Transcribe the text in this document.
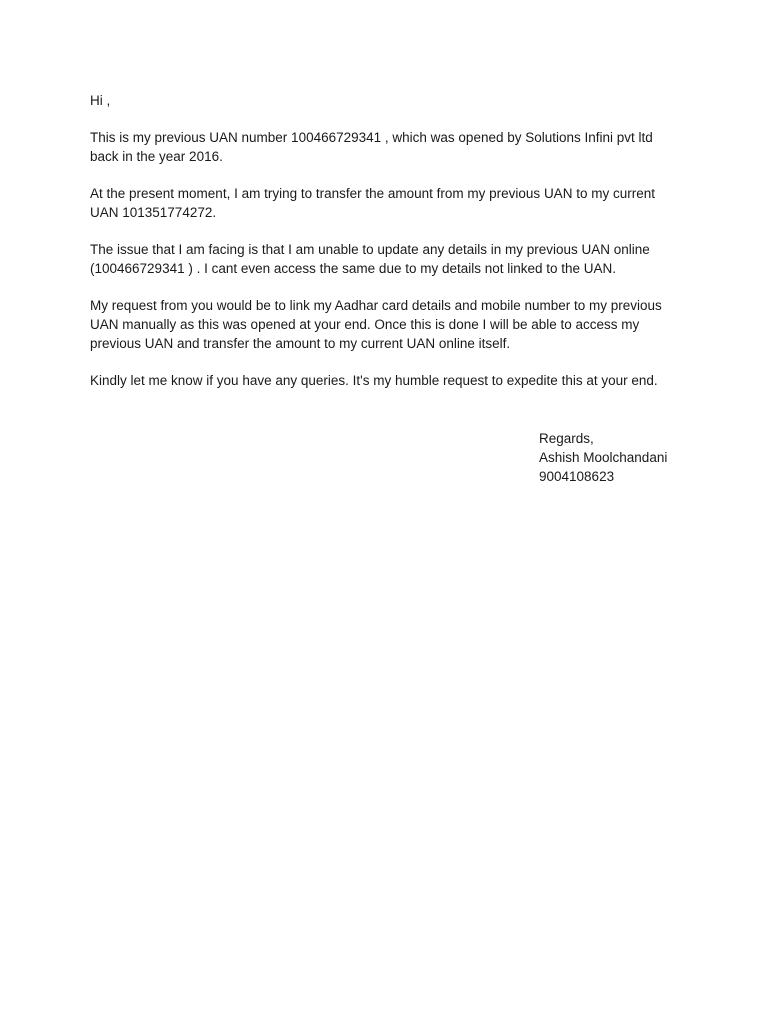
Hi ,

This is my previous UAN number 100466729341 , which was opened by Solutions Infini pvt ltd
back in the year 2016.

At the present moment, I am trying to transfer the amount from my previous UAN to my current
UAN 101351774272.

The issue that I am facing is that I am unable to update any details in my previous UAN online
(100466729341 ) . I cant even access the same due to my details not linked to the UAN.

My request from you would be to link my Aadhar card details and mobile number to my previous
UAN manually as this was opened at your end. Once this is done I will be able to access my
previous UAN and transfer the amount to my current UAN online itself.

Kindly let me know if you have any queries. It's my humble request to expedite this at your end.

Regards,
Ashish Moolchandani
9004108623
